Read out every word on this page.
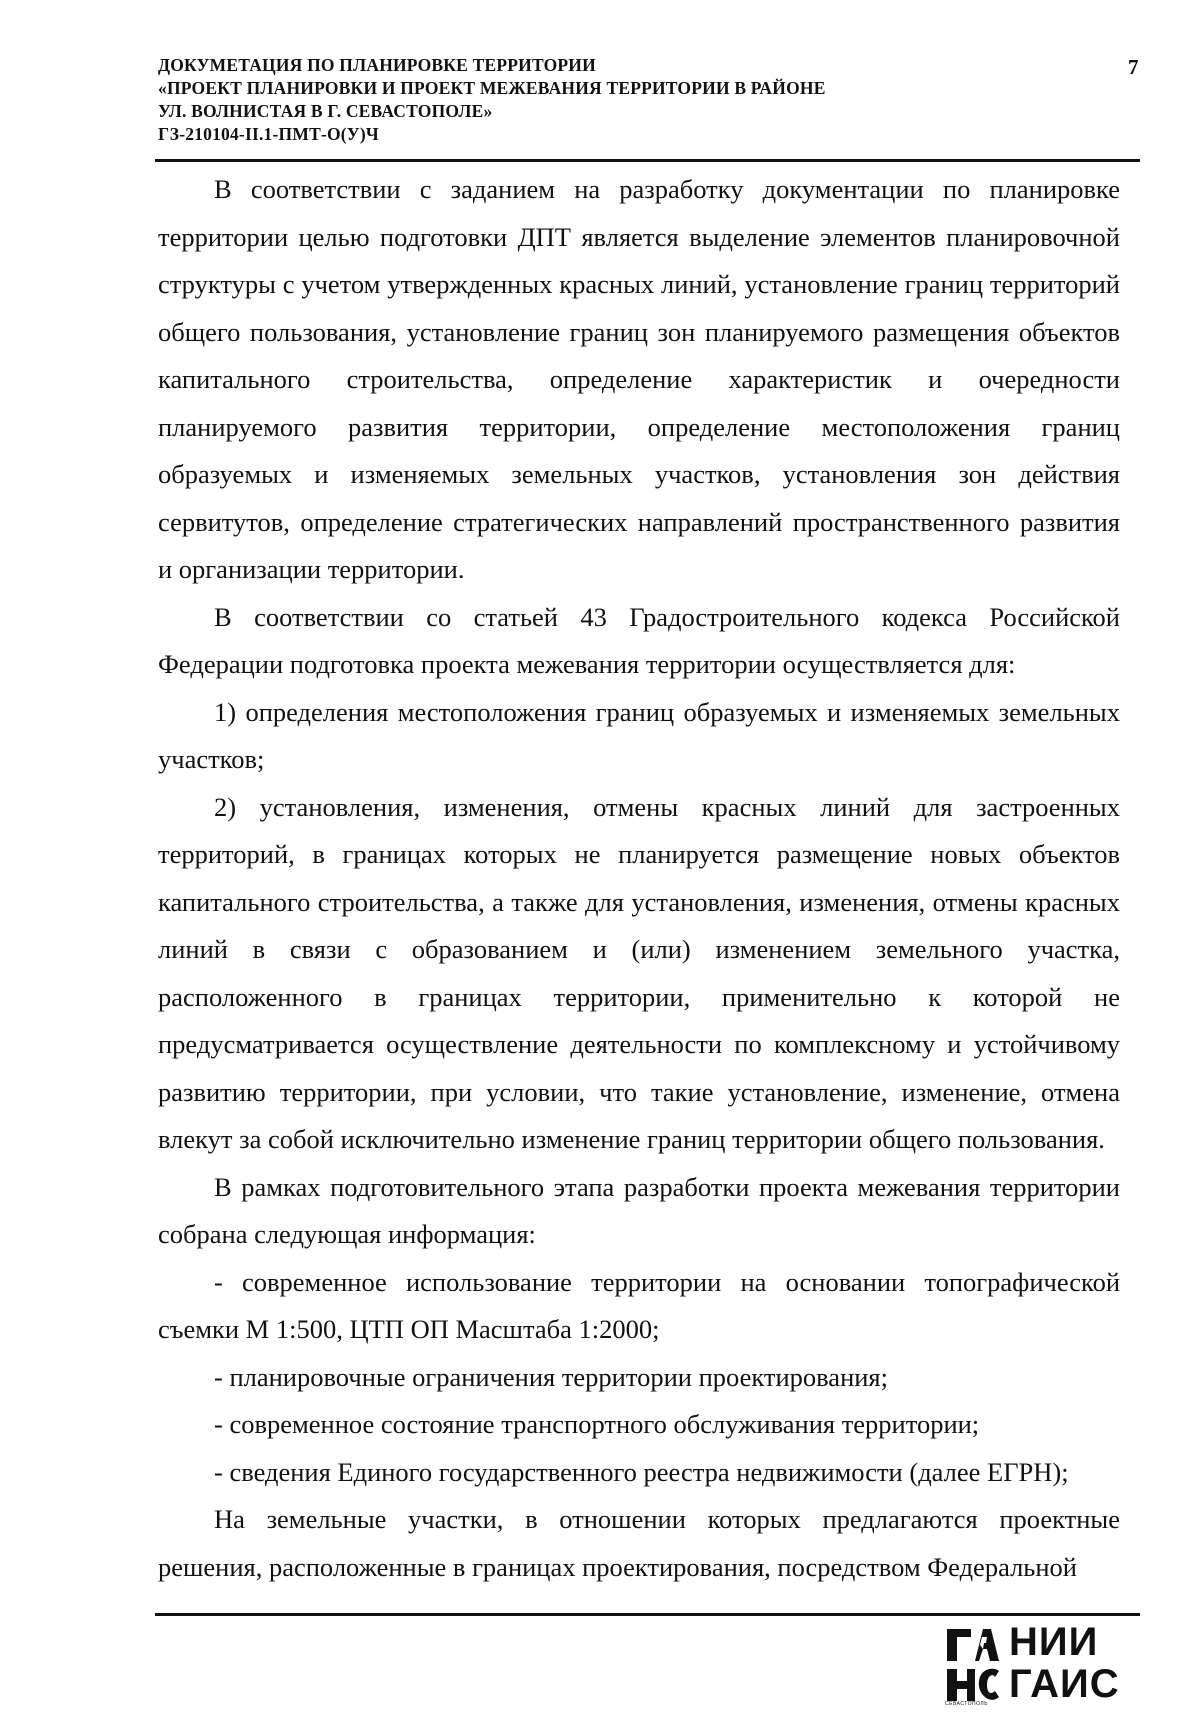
ДОКУМЕТАЦИЯ ПО ПЛАНИРОВКЕ ТЕРРИТОРИИ
«ПРОЕКТ ПЛАНИРОВКИ И ПРОЕКТ МЕЖЕВАНИЯ ТЕРРИТОРИИ В РАЙОНЕ
УЛ. ВОЛНИСТАЯ В Г. СЕВАСТОПОЛЕ»
ГЗ-210104-II.1-ПМТ-О(У)Ч
7

В соответствии с заданием на разработку документации по планировке территории целью подготовки ДПТ является выделение элементов планировочной структуры с учетом утвержденных красных линий, установление границ территорий общего пользования, установление границ зон планируемого размещения объектов капитального строительства, определение характеристик и очередности планируемого развития территории, определение местоположения границ образуемых и изменяемых земельных участков, установления зон действия сервитутов, определение стратегических направлений пространственного развития и организации территории.

В соответствии со статьей 43 Градостроительного кодекса Российской Федерации подготовка проекта межевания территории осуществляется для:

1) определения местоположения границ образуемых и изменяемых земельных участков;

2) установления, изменения, отмены красных линий для застроенных территорий, в границах которых не планируется размещение новых объектов капитального строительства, а также для установления, изменения, отмены красных линий в связи с образованием и (или) изменением земельного участка, расположенного в границах территории, применительно к которой не предусматривается осуществление деятельности по комплексному и устойчивому развитию территории, при условии, что такие установление, изменение, отмена влекут за собой исключительно изменение границ территории общего пользования.

В рамках подготовительного этапа разработки проекта межевания территории собрана следующая информация:

- современное использование территории на основании топографической съемки М 1:500, ЦТП ОП Масштаба 1:2000;

- планировочные ограничения территории проектирования;

- современное состояние транспортного обслуживания территории;

- сведения Единого государственного реестра недвижимости (далее ЕГРН);

На земельные участки, в отношении которых предлагаются проектные решения, расположенные в границах проектирования, посредством Федеральной

НИИ
ГАИС
СЕВАСТОПОЛЬ
